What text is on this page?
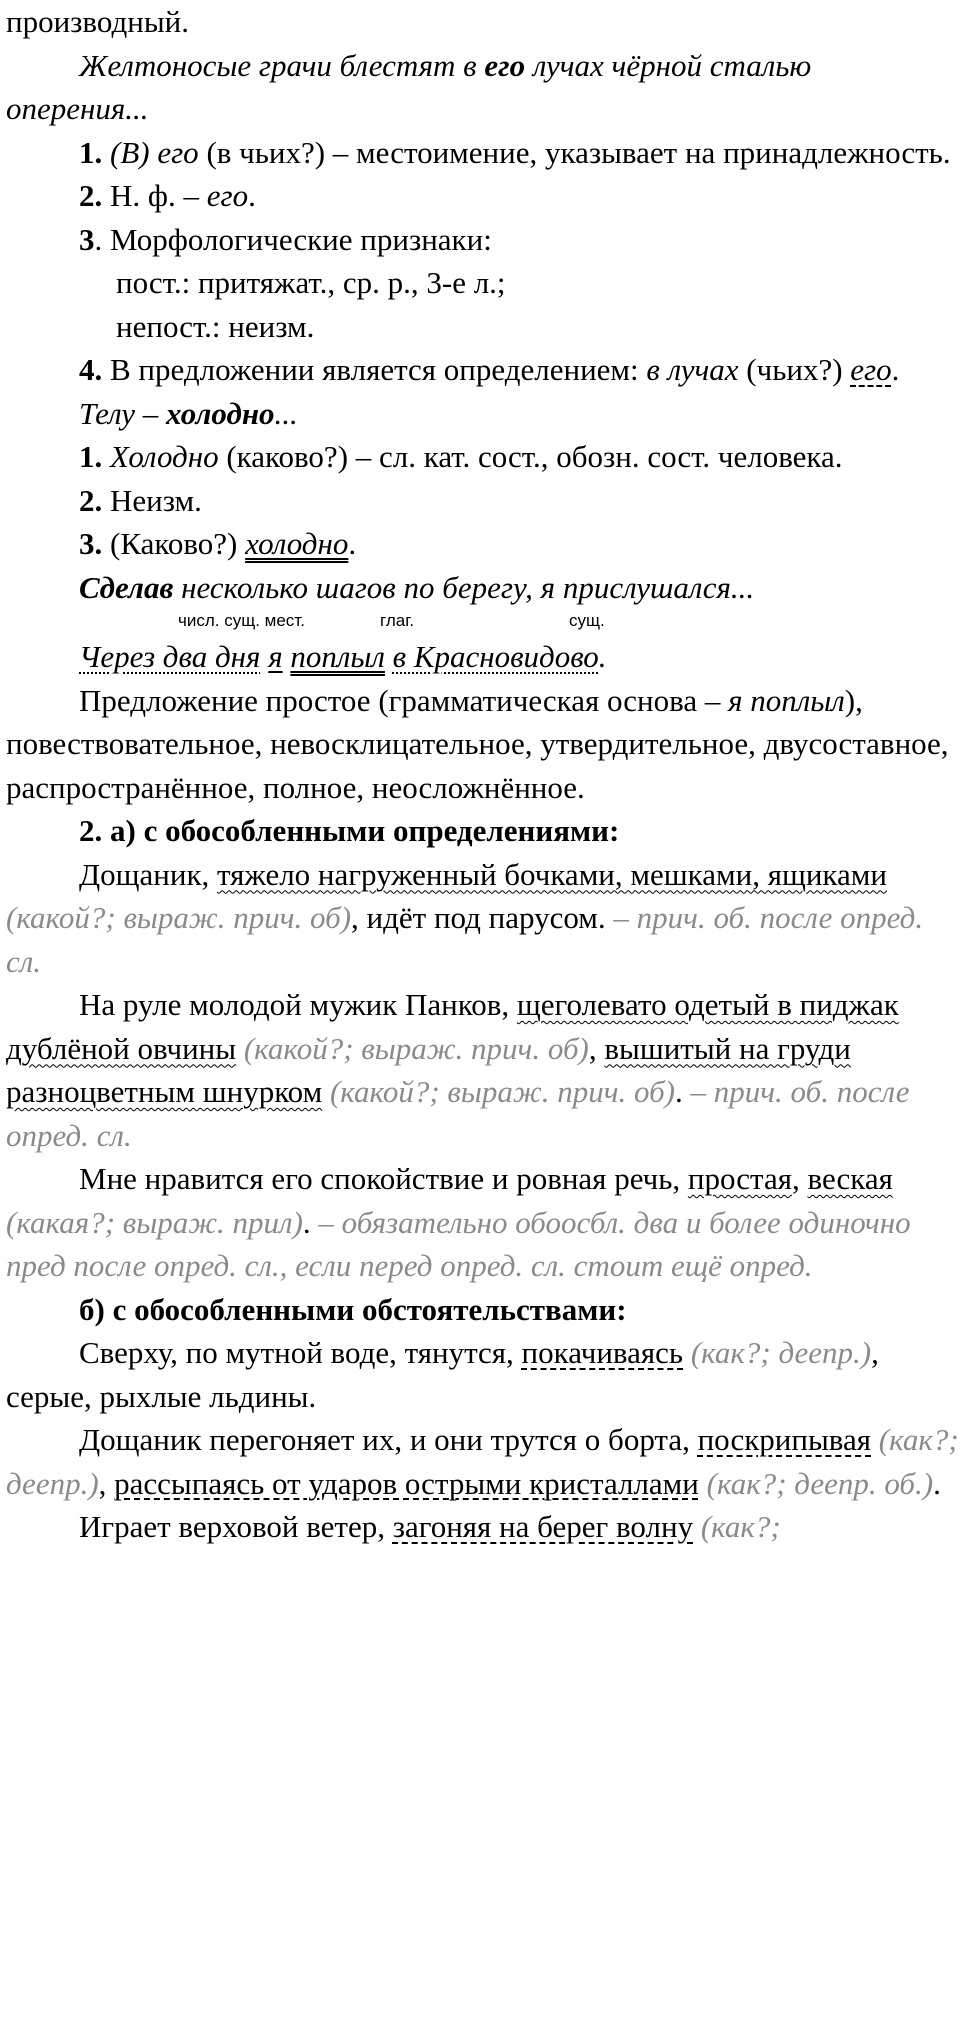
производный.

Желтоносые грачи блестят в его лучах чёрной сталью оперения...

1. (В) его (в чьих?) – местоимение, указывает на принадлежность.

2. Н. ф. – его.

3. Морфологические признаки:

пост.: притяжат., ср. р., 3-е л.;

непост.: неизм.

4. В предложении является определением: в лучах (чьих?) его.

Телу – холодно...

1. Холодно (каково?) – сл. кат. сост., обозн. сост. человека.

2. Неизм.

3. (Каково?) холодно.

Сделав несколько шагов по берегу, я прислушался...

числ. сущ. мест.	глаг.	сущ.

Через два дня я поплыл в Красновидово.

Предложение простое (грамматическая основа – я поплыл), повествовательное, невосклицательное, утвердительное, двусоставное, распространённое, полное, неосложнённое.

2. а) с обособленными определениями:

Дощаник, тяжело нагруженный бочками, мешками, ящиками (какой?; выраж. прич. об), идёт под парусом. – прич. об. после опред. сл.

На руле молодой мужик Панков, щеголевато одетый в пиджак дублёной овчины (какой?; выраж. прич. об), вышитый на груди разноцветным шнурком (какой?; выраж. прич. об). – прич. об. после опред. сл.

Мне нравится его спокойствие и ровная речь, простая, веская (какая?; выраж. прил). – обязательно обоосбл. два и более одиночно пред после опред. сл., если перед опред. сл. стоит ещё опред.

б) с обособленными обстоятельствами:

Сверху, по мутной воде, тянутся, покачиваясь (как?; деепр.), серые, рыхлые льдины.

Дощаник перегоняет их, и они трутся о борта, поскрипывая (как?; деепр.), рассыпаясь от ударов острыми кристаллами (как?; деепр. об.).

Играет верховой ветер, загоняя на берег волну (как?;
